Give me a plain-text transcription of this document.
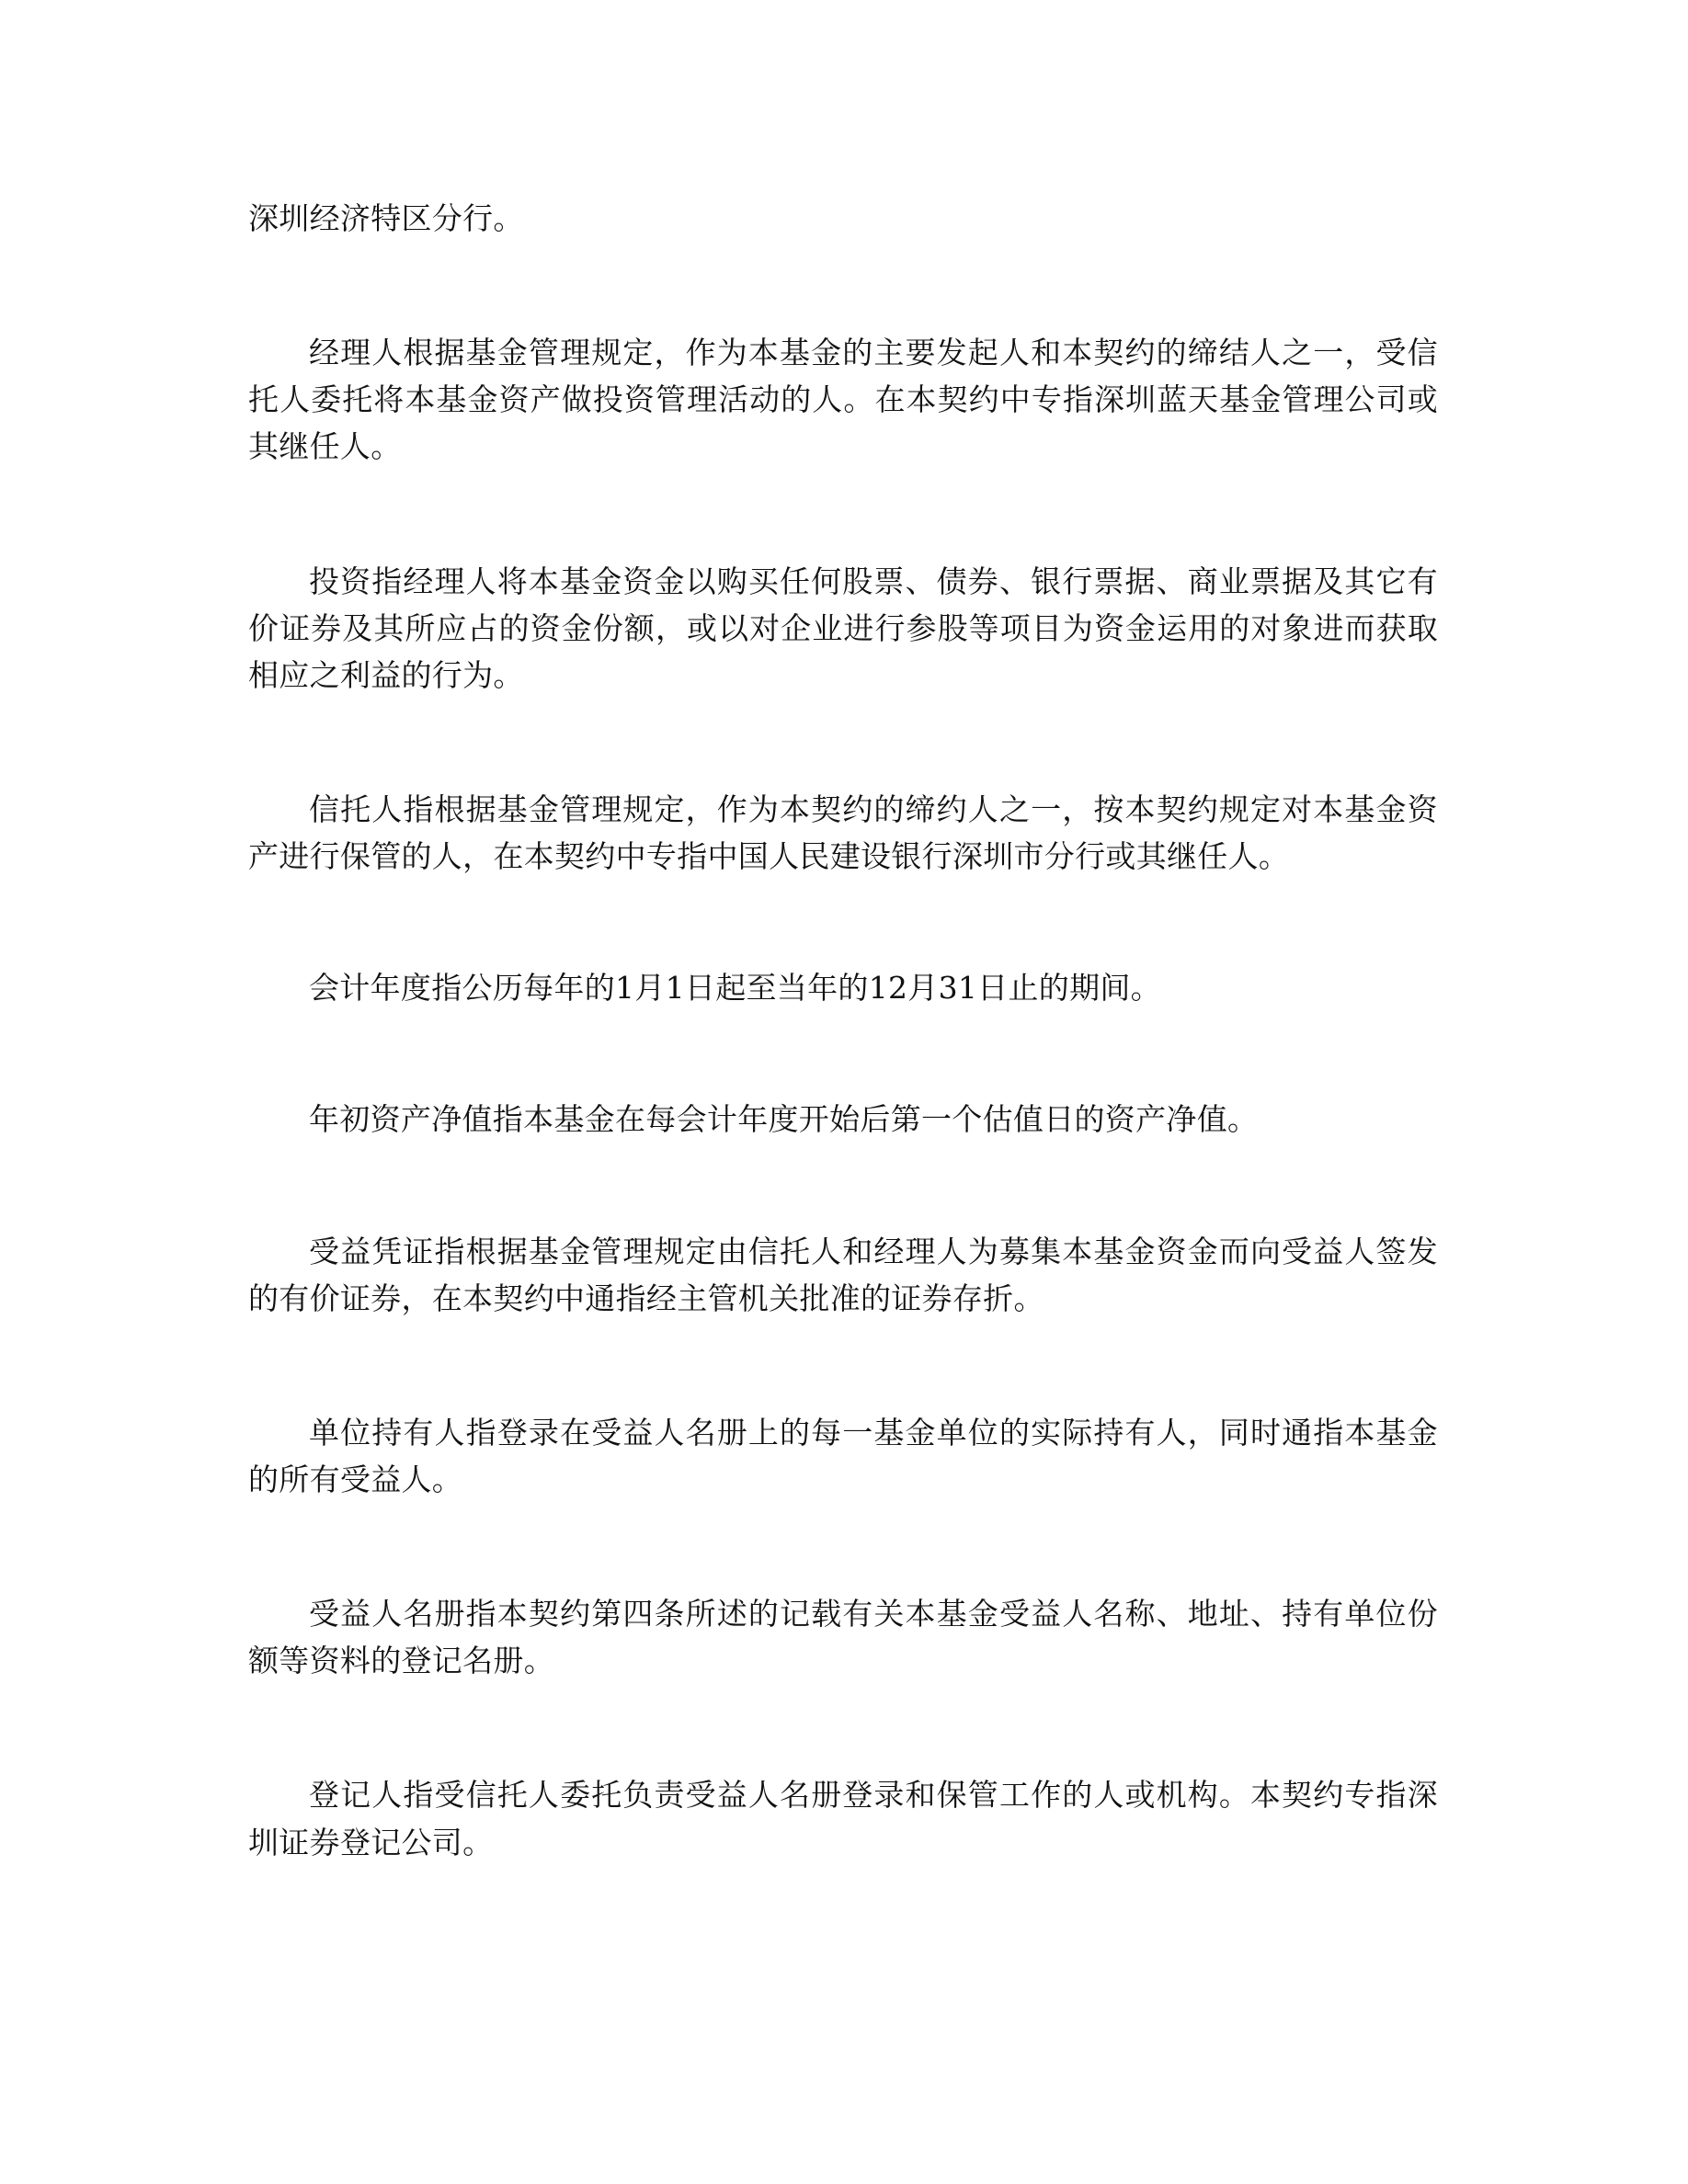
深圳经济特区分行。

经理人根据基金管理规定，作为本基金的主要发起人和本契约的缔结人之一，受信托人委托将本基金资产做投资管理活动的人。在本契约中专指深圳蓝天基金管理公司或其继任人。

投资指经理人将本基金资金以购买任何股票、债券、银行票据、商业票据及其它有价证券及其所应占的资金份额，或以对企业进行参股等项目为资金运用的对象进而获取相应之利益的行为。

信托人指根据基金管理规定，作为本契约的缔约人之一，按本契约规定对本基金资产进行保管的人，在本契约中专指中国人民建设银行深圳市分行或其继任人。

会计年度指公历每年的1月1日起至当年的12月31日止的期间。

年初资产净值指本基金在每会计年度开始后第一个估值日的资产净值。

受益凭证指根据基金管理规定由信托人和经理人为募集本基金资金而向受益人签发的有价证券，在本契约中通指经主管机关批准的证券存折。

单位持有人指登录在受益人名册上的每一基金单位的实际持有人，同时通指本基金的所有受益人。

受益人名册指本契约第四条所述的记载有关本基金受益人名称、地址、持有单位份额等资料的登记名册。

登记人指受信托人委托负责受益人名册登录和保管工作的人或机构。本契约专指深圳证券登记公司。
